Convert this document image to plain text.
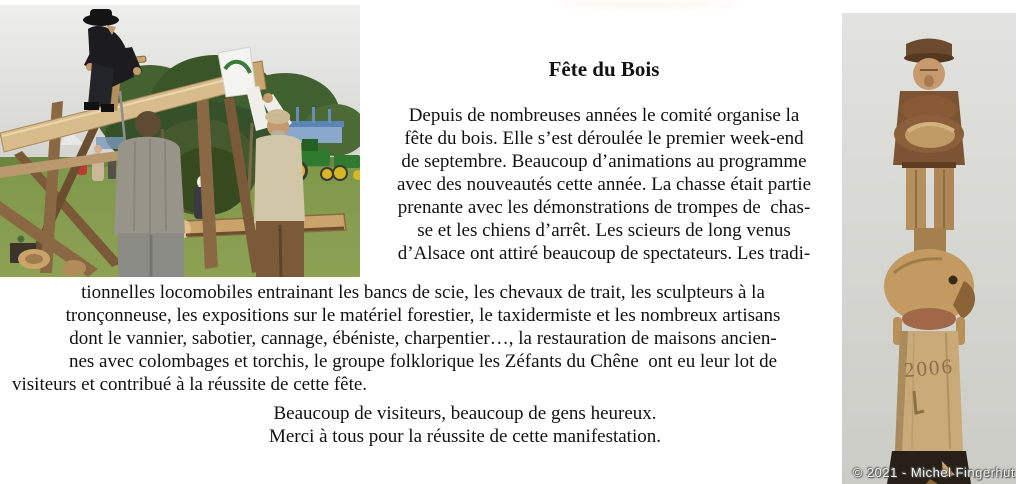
Fête du Bois
Depuis de nombreuses années le comité organise la
fête du bois. Elle s’est déroulée le premier week-end
de septembre. Beaucoup d’animations au programme
avec des nouveautés cette année. La chasse était partie
prenante avec les démonstrations de trompes de  chas-
se et les chiens d’arrêt. Les scieurs de long venus
d’Alsace ont attiré beaucoup de spectateurs. Les tradi-
tionnelles locomobiles entrainant les bancs de scie, les chevaux de trait, les sculpteurs à la
tronçonneuse, les expositions sur le matériel forestier, le taxidermiste et les nombreux artisans
dont le vannier, sabotier, cannage, ébéniste, charpentier…, la restauration de maisons ancien-
nes avec colombages et torchis, le groupe folklorique les Zéfants du Chêne  ont eu leur lot de
visiteurs et contribué à la réussite de cette fête.
Beaucoup de visiteurs, beaucoup de gens heureux.
Merci à tous pour la réussite de cette manifestation.
2006
© 2021 - Michel Fingerhut
